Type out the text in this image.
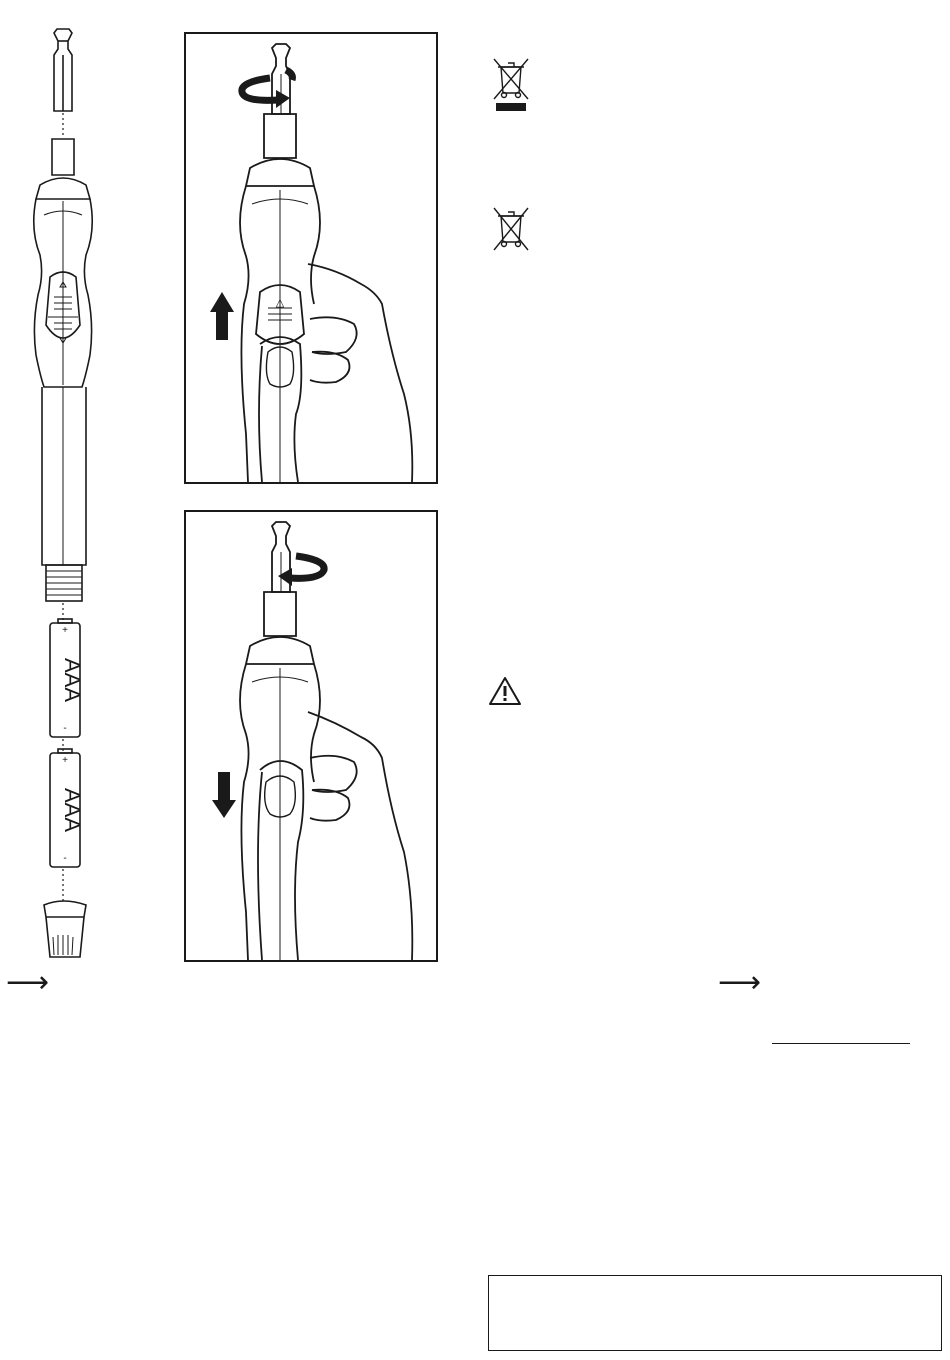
+
AAA
-
+
AAA
-
△
⟶	⟶
